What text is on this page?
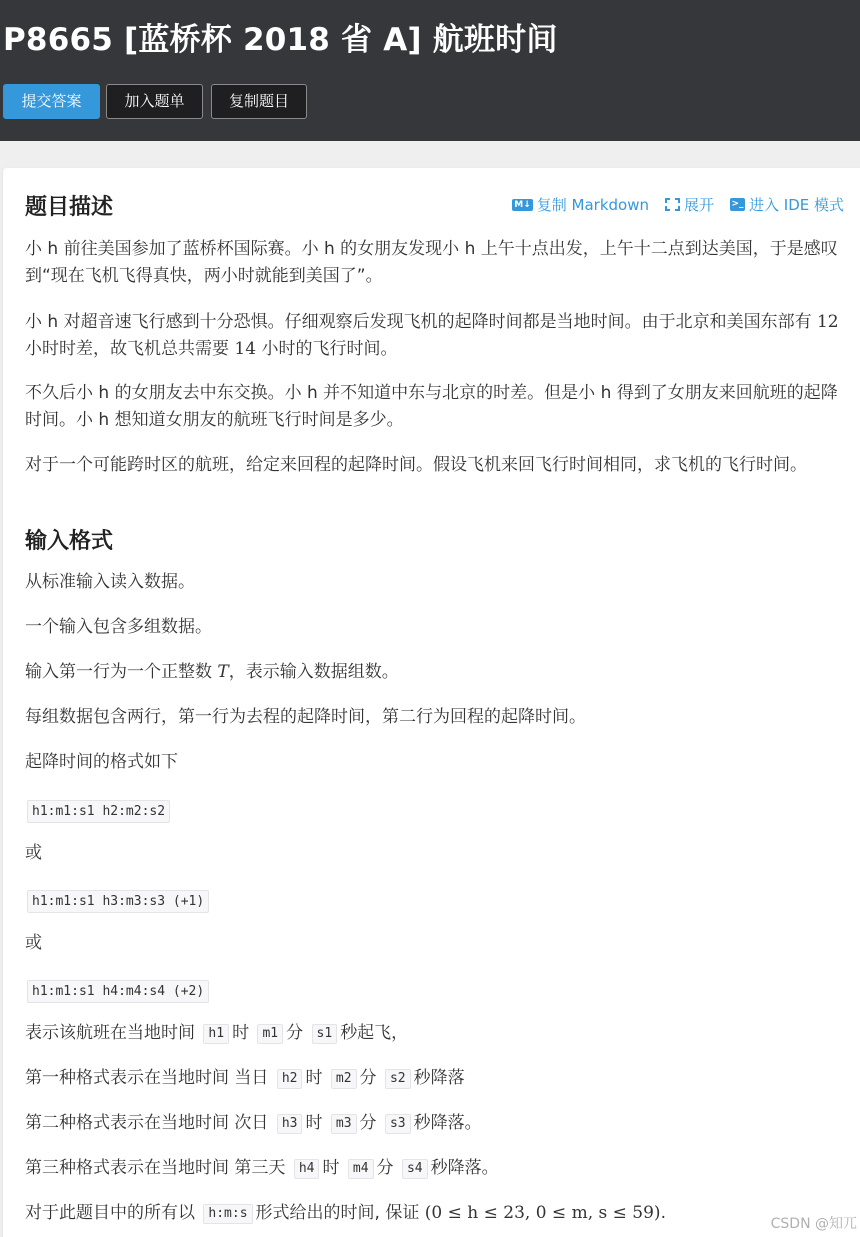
P8665 [蓝桥杯 2018 省 A] 航班时间
提交答案	加入题单	复制题目
题目描述	M↓ 复制 Markdown 展开 >_ 进入 IDE 模式
小 h 前往美国参加了蓝桥杯国际赛。小 h 的女朋友发现小 h 上午十点出发，上午十二点到达美国，于是感叹到“现在飞机飞得真快，两小时就能到美国了”。
小 h 对超音速飞行感到十分恐惧。仔细观察后发现飞机的起降时间都是当地时间。由于北京和美国东部有 12 小时时差，故飞机总共需要 14 小时的飞行时间。
不久后小 h 的女朋友去中东交换。小 h 并不知道中东与北京的时差。但是小 h 得到了女朋友来回航班的起降时间。小 h 想知道女朋友的航班飞行时间是多少。
对于一个可能跨时区的航班，给定来回程的起降时间。假设飞机来回飞行时间相同，求飞机的飞行时间。
输入格式
从标准输入读入数据。
一个输入包含多组数据。
输入第一行为一个正整数 T，表示输入数据组数。
每组数据包含两行，第一行为去程的起降时间，第二行为回程的起降时间。
起降时间的格式如下
h1:m1:s1 h2:m2:s2
或
h1:m1:s1 h3:m3:s3 (+1)
或
h1:m1:s1 h4:m4:s4 (+2)
表示该航班在当地时间 h1 时 m1 分 s1 秒起飞，
第一种格式表示在当地时间 当日 h2 时 m2 分 s2 秒降落
第二种格式表示在当地时间 次日 h3 时 m3 分 s3 秒降落。
第三种格式表示在当地时间 第三天 h4 时 m4 分 s4 秒降落。
对于此题目中的所有以 h:m:s 形式给出的时间, 保证 (0 ≤ h ≤ 23, 0 ≤ m, s ≤ 59).
CSDN @知兀
